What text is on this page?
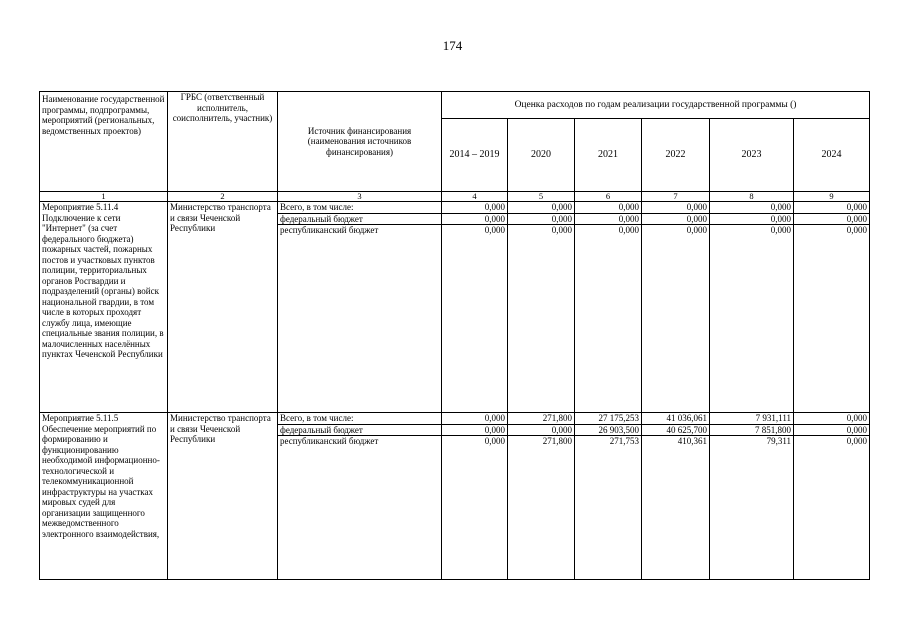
174
Наименование государственной программы, подпрограммы, мероприятий (региональных, ведомственных проектов)	ГРБС (ответственный исполнитель, соисполнитель, участник)	Источник финансирования (наименования источников финансирования)	Оценка расходов по годам реализации государственной программы ()					
			2014 – 2019	2020	2021	2022	2023	2024
1	2	3	4	5	6	7	8	9
Мероприятие 5.11.4 Подключение к сети "Интернет" (за счет федерального бюджета) пожарных частей, пожарных постов и участковых пунктов полиции, территориальных органов Росгвардии и подразделений (органы) войск национальной гвардии, в том числе в которых проходят службу лица, имеющие специальные звания полиции, в малочисленных населённых пунктах Чеченской Республики	Министерство транспорта и связи Чеченской Республики	Всего, в том числе:	0,000	0,000	0,000	0,000	0,000	0,000
		федеральный бюджет	0,000	0,000	0,000	0,000	0,000	0,000
		республиканский бюджет	0,000	0,000	0,000	0,000	0,000	0,000
Мероприятие 5.11.5 Обеспечение мероприятий по формированию и функционированию необходимой информационно-технологической и телекоммуникационной инфраструктуры на участках мировых судей для организации защищенного межведомственного электронного взаимодействия,	Министерство транспорта и связи Чеченской Республики	Всего, в том числе:	0,000	271,800	27 175,253	41 036,061	7 931,111	0,000
		федеральный бюджет	0,000	0,000	26 903,500	40 625,700	7 851,800	0,000
		республиканский бюджет	0,000	271,800	271,753	410,361	79,311	0,000
